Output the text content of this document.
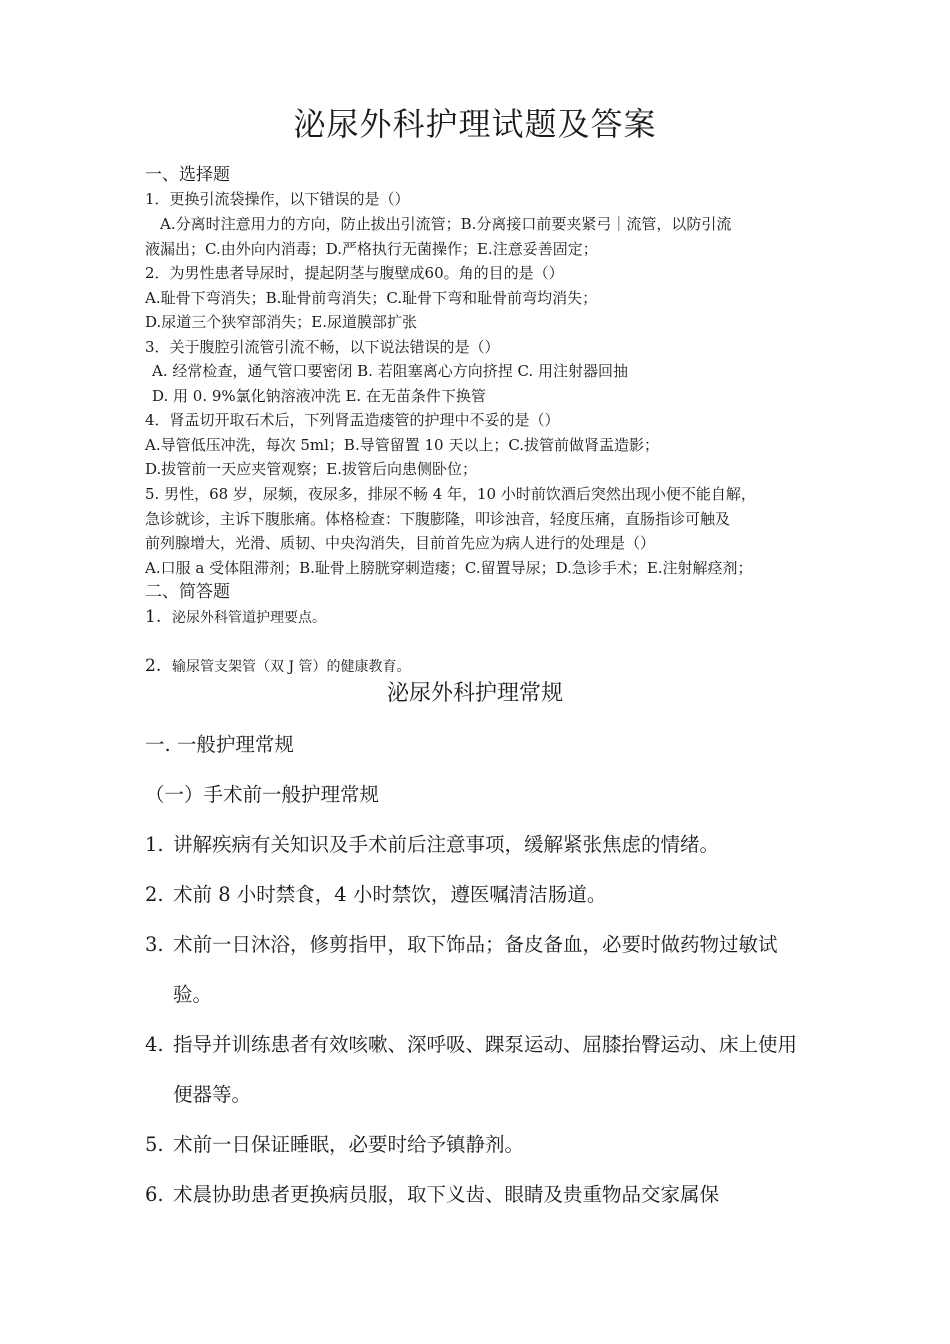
泌尿外科护理试题及答案
一、选择题
1．更换引流袋操作，以下错误的是（）
A.分离时注意用力的方向，防止拔出引流管；B.分离接口前要夹紧弓｜流管，以防引流
液漏出；C.由外向内消毒；D.严格执行无菌操作；E.注意妥善固定；
2．为男性患者导尿时，提起阴茎与腹壁成60。角的目的是（）
A.耻骨下弯消失；B.耻骨前弯消失；C.耻骨下弯和耻骨前弯均消失；
D.尿道三个狭窄部消失；E.尿道膜部扩张
3．关于腹腔引流管引流不畅，以下说法错误的是（）
A. 经常检查，通气管口要密闭 B. 若阻塞离心方向挤捏 C. 用注射器回抽
D. 用 0. 9%氯化钠溶液冲洗 E. 在无苗条件下换管
4．肾盂切开取石术后，下列肾盂造瘘管的护理中不妥的是（）
A.导管低压冲洗，每次 5ml；B.导管留置 10 天以上；C.拔管前做肾盂造影；
D.拔管前一天应夹管观察；E.拔管后向患侧卧位；
5. 男性，68 岁，尿频，夜尿多，排尿不畅 4 年，10 小时前饮酒后突然出现小便不能自解，
急诊就诊，主诉下腹胀痛。体格检查：下腹膨隆，叩诊浊音，轻度压痛，直肠指诊可触及
前列腺增大，光滑、质韧、中央沟消失，目前首先应为病人进行的处理是（）
A.口服 a 受体阻滞剂；B.耻骨上膀胱穿刺造瘘；C.留置导尿；D.急诊手术；E.注射解痉剂；
二、简答题
1. 泌尿外科管道护理要点。
2. 输尿管支架管（双 J 管）的健康教育。
泌尿外科护理常规
一. 一般护理常规
（一）手术前一般护理常规
1. 讲解疾病有关知识及手术前后注意事项，缓解紧张焦虑的情绪。
2. 术前 8 小时禁食，4 小时禁饮，遵医嘱清洁肠道。
3. 术前一日沐浴，修剪指甲，取下饰品；备皮备血，必要时做药物过敏试验。
4. 指导并训练患者有效咳嗽、深呼吸、踝泵运动、屈膝抬臀运动、床上使用便器等。
5. 术前一日保证睡眠，必要时给予镇静剂。
6. 术晨协助患者更换病员服，取下义齿、眼睛及贵重物品交家属保
